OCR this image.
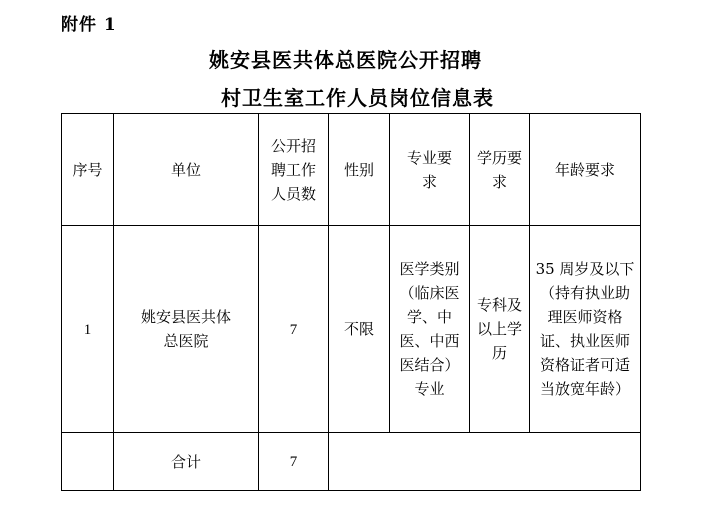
附件 1
姚安县医共体总医院公开招聘
村卫生室工作人员岗位信息表
序号	单位	公开招聘工作人员数	性别	专业要求	学历要求	年龄要求

1	姚安县医共体总医院	7	不限	医学类别（临床医学、中医、中西医结合）专业	专科及以上学历	35 周岁及以下（持有执业助理医师资格证、执业医师资格证者可适当放宽年龄）

	合计	7				
